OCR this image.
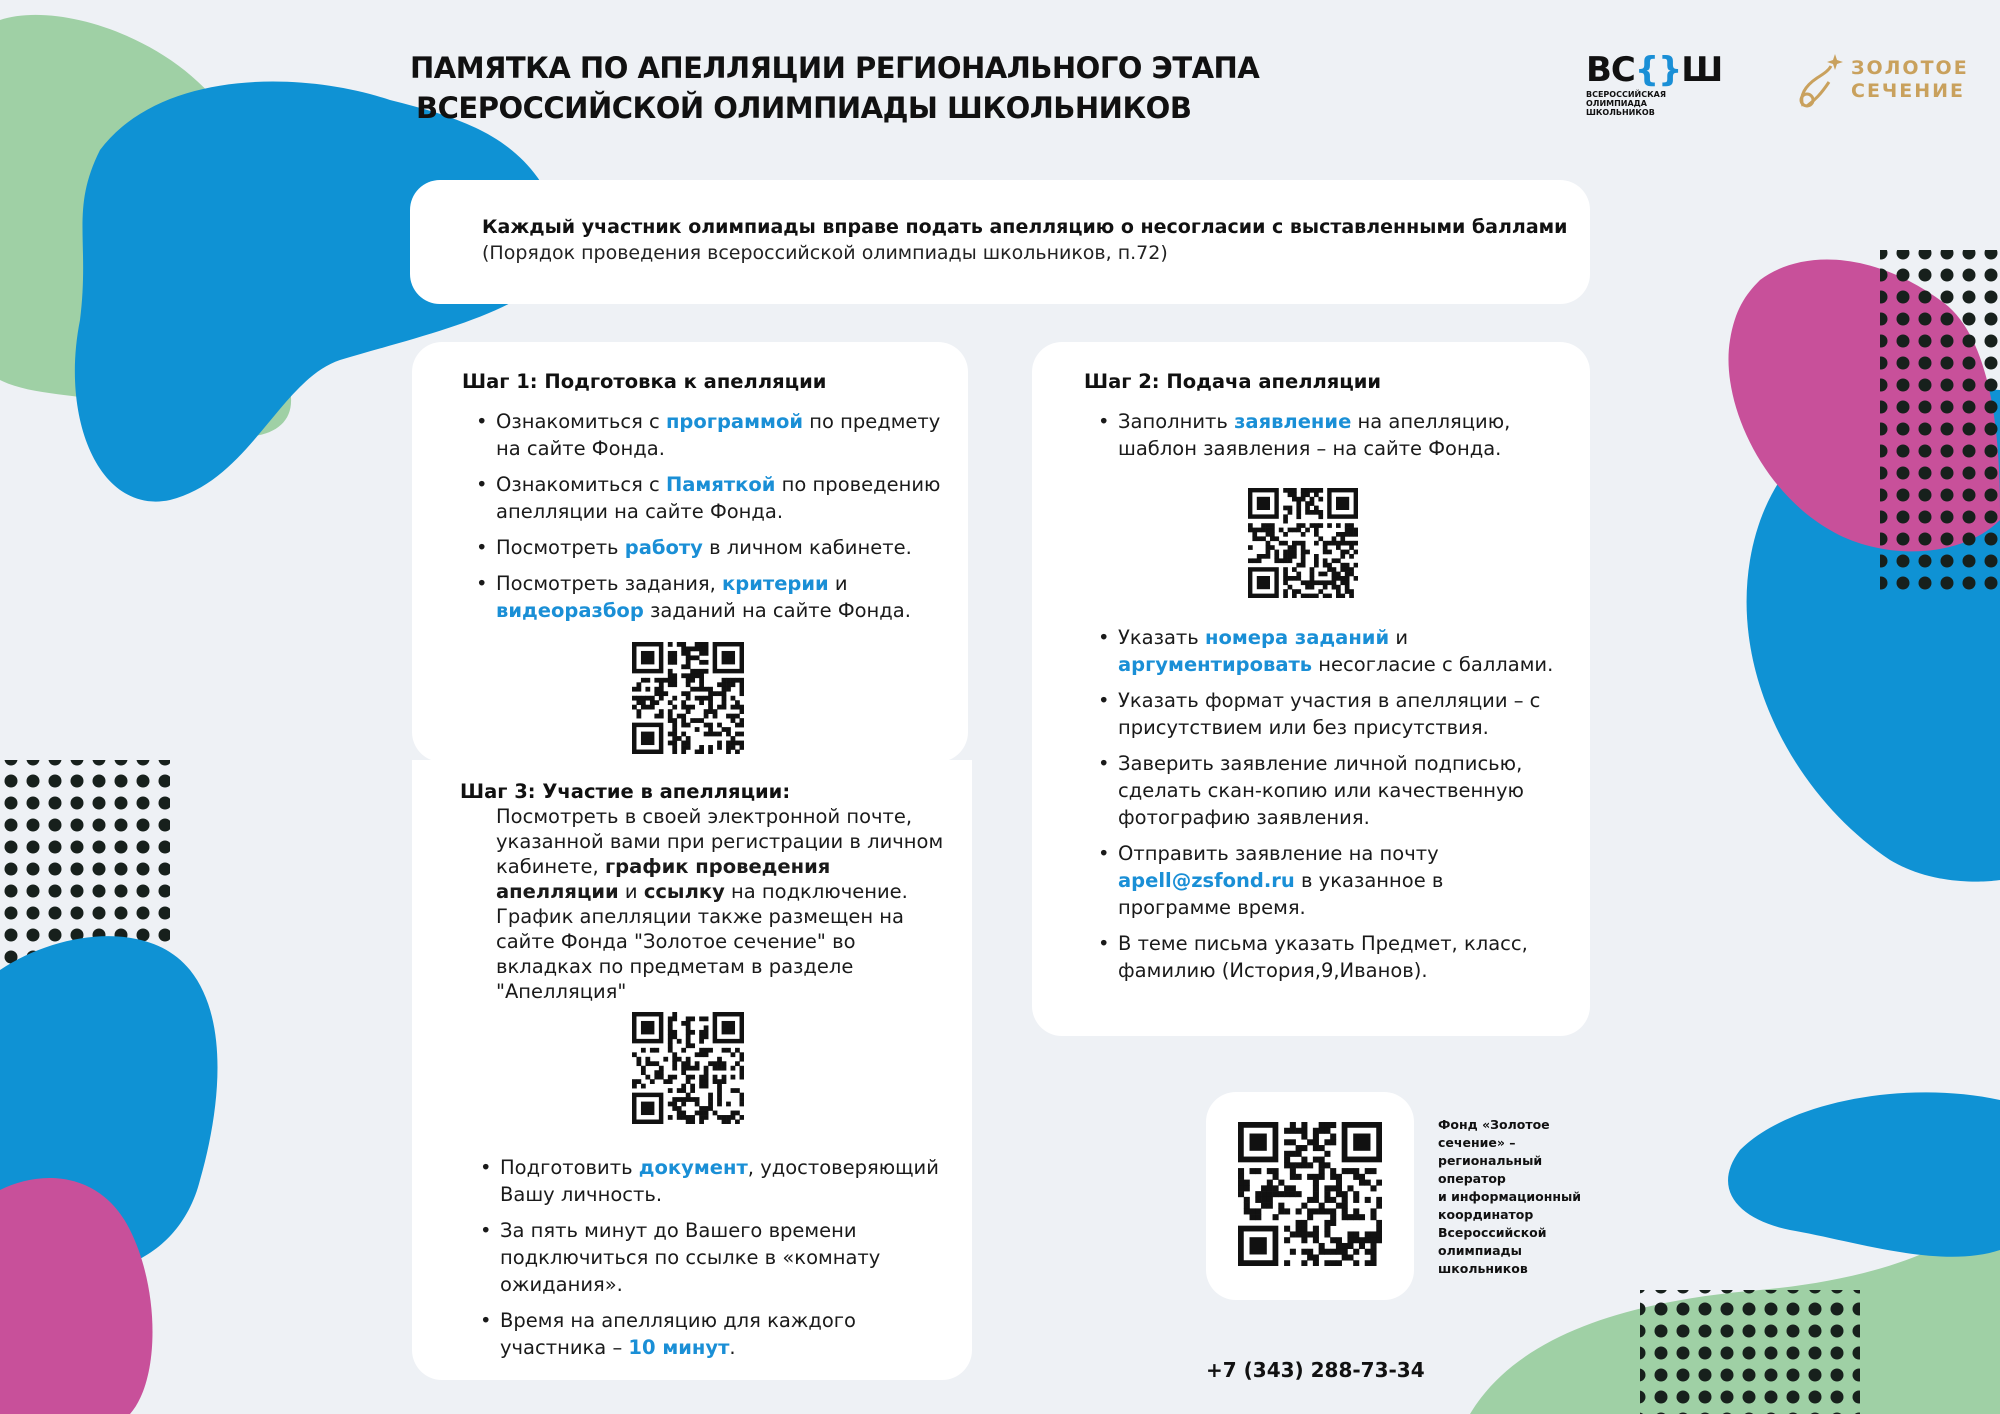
ПАМЯТКА ПО АПЕЛЛЯЦИИ РЕГИОНАЛЬНОГО ЭТАПА
ВСЕРОССИЙСКОЙ ОЛИМПИАДЫ ШКОЛЬНИКОВ
ВС{}Ш
ВСЕРОССИЙСКАЯ
ОЛИМПИАДА
ШКОЛЬНИКОВ
ЗОЛОТОЕ
СЕЧЕНИЕ
Каждый участник олимпиады вправе подать апелляцию о несогласии с выставленными баллами
(Порядок проведения всероссийской олимпиады школьников, п.72)
Шаг 1: Подготовка к апелляции
• Ознакомиться с программой по предмету на сайте Фонда.
• Ознакомиться с Памяткой по проведению апелляции на сайте Фонда.
• Посмотреть работу в личном кабинете.
• Посмотреть задания, критерии и видеоразбор заданий на сайте Фонда.
Шаг 3: Участие в апелляции:
Посмотреть в своей электронной почте, указанной вами при регистрации в личном кабинете, график проведения апелляции и ссылку на подключение. График апелляции также размещен на сайте Фонда "Золотое сечение" во вкладках по предметам в разделе "Апелляция"
• Подготовить документ, удостоверяющий Вашу личность.
• За пять минут до Вашего времени подключиться по ссылке в «комнату ожидания».
• Время на апелляцию для каждого участника – 10 минут.
Шаг 2: Подача апелляции
• Заполнить заявление на апелляцию, шаблон заявления – на сайте Фонда.
• Указать номера заданий и аргументировать несогласие с баллами.
• Указать формат участия в апелляции – с присутствием или без присутствия.
• Заверить заявление личной подписью, сделать скан-копию или качественную фотографию заявления.
• Отправить заявление на почту apell@zsfond.ru в указанное в программе время.
• В теме письма указать Предмет, класс, фамилию (История,9,Иванов).
Фонд «Золотое
сечение» –
региональный
оператор
и информационный
координатор
Всероссийской
олимпиады
школьников
+7 (343) 288-73-34
